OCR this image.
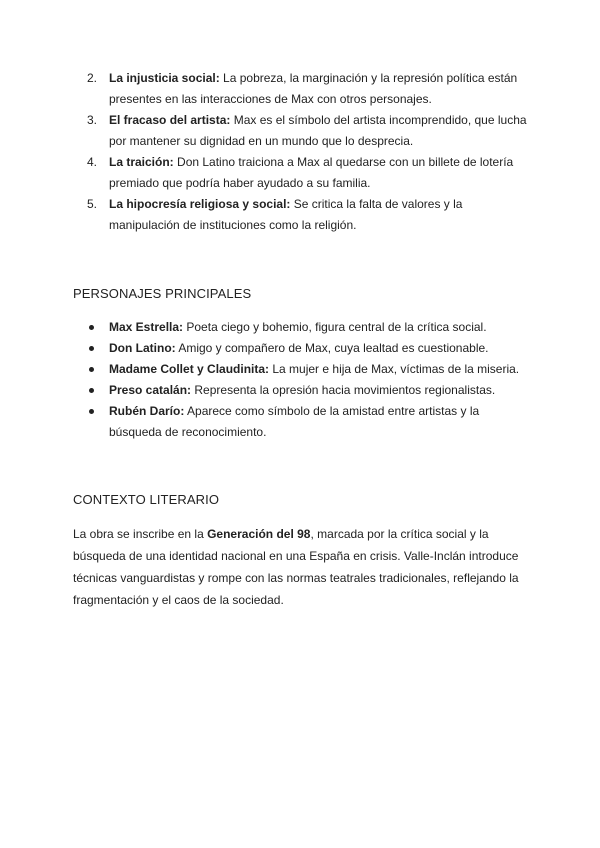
2. La injusticia social: La pobreza, la marginación y la represión política están presentes en las interacciones de Max con otros personajes.
3. El fracaso del artista: Max es el símbolo del artista incomprendido, que lucha por mantener su dignidad en un mundo que lo desprecia.
4. La traición: Don Latino traiciona a Max al quedarse con un billete de lotería premiado que podría haber ayudado a su familia.
5. La hipocresía religiosa y social: Se critica la falta de valores y la manipulación de instituciones como la religión.
PERSONAJES PRINCIPALES
Max Estrella: Poeta ciego y bohemio, figura central de la crítica social.
Don Latino: Amigo y compañero de Max, cuya lealtad es cuestionable.
Madame Collet y Claudinita: La mujer e hija de Max, víctimas de la miseria.
Preso catalán: Representa la opresión hacia movimientos regionalistas.
Rubén Darío: Aparece como símbolo de la amistad entre artistas y la búsqueda de reconocimiento.
CONTEXTO LITERARIO

La obra se inscribe en la Generación del 98, marcada por la crítica social y la búsqueda de una identidad nacional en una España en crisis. Valle-Inclán introduce técnicas vanguardistas y rompe con las normas teatrales tradicionales, reflejando la fragmentación y el caos de la sociedad.
